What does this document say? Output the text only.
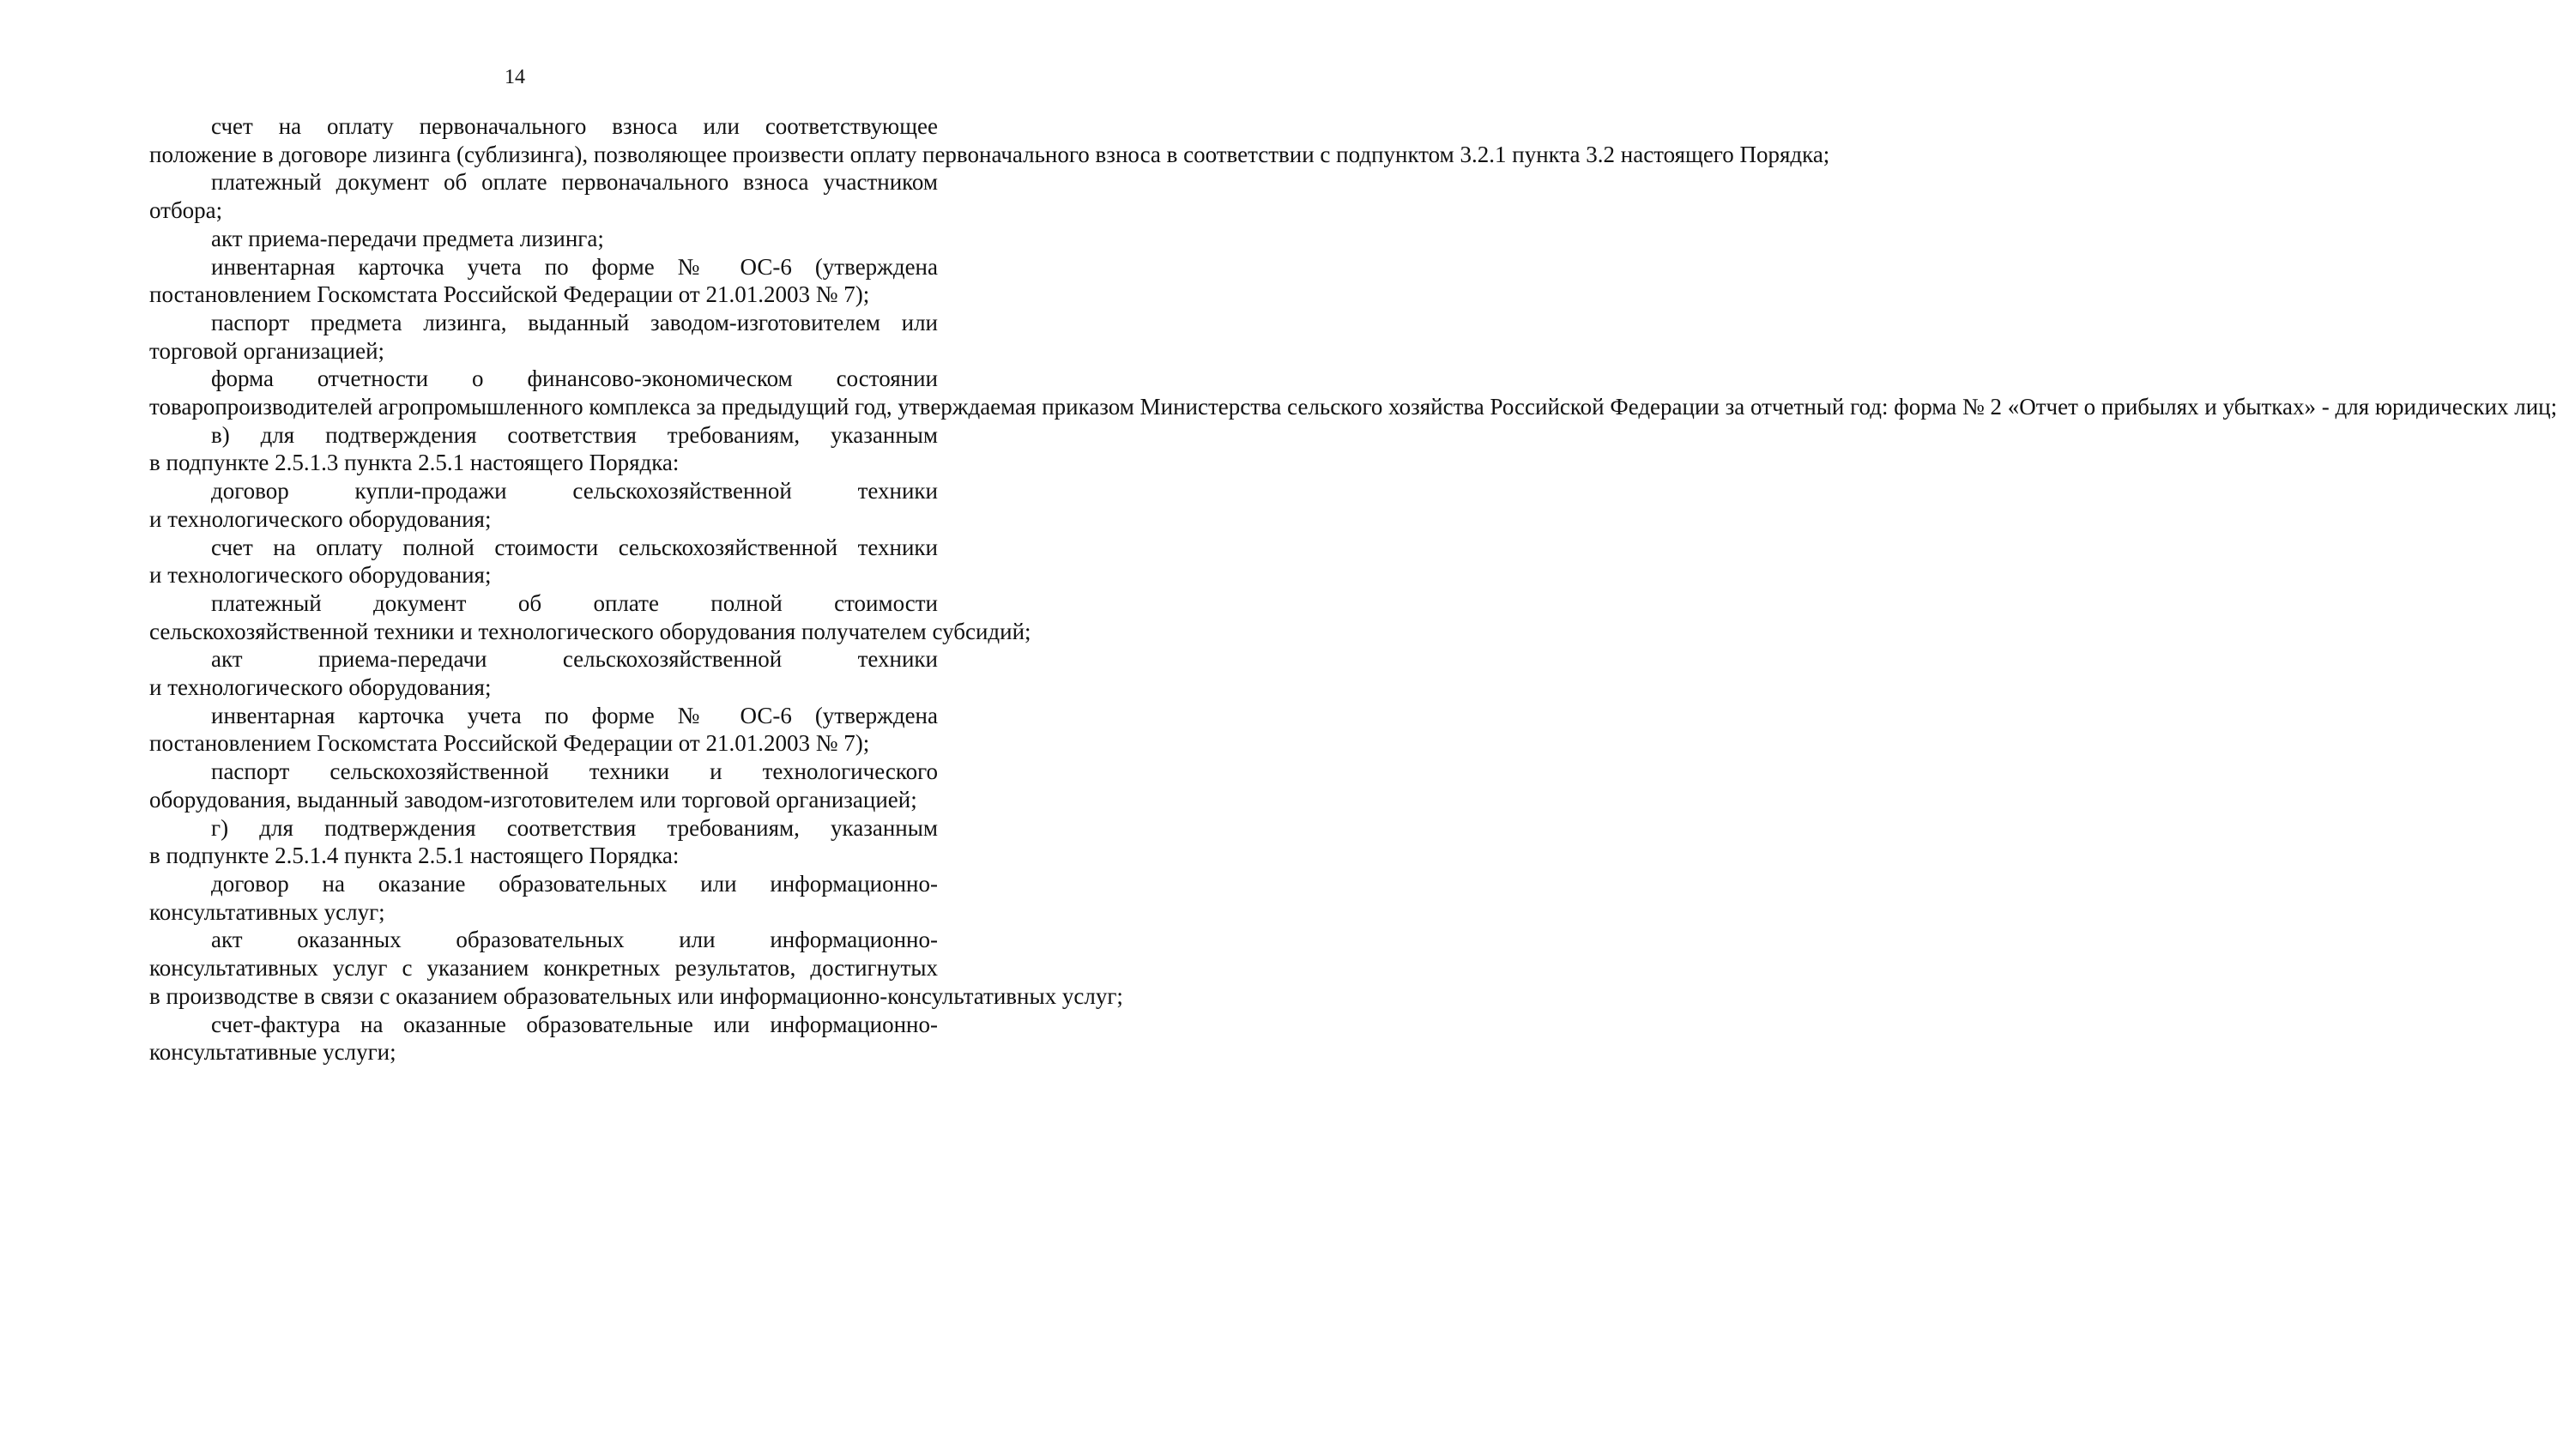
14

счет на оплату первоначального взноса или соответствующее
положение в договоре лизинга (сублизинга), позволяющее произвести оплату первоначального взноса в соответствии с подпунктом 3.2.1 пункта 3.2 настоящего Порядка;

платежный документ об оплате первоначального взноса участником
отбора;

акт приема-передачи предмета лизинга;

инвентарная карточка учета по форме № ОС-6 (утверждена
постановлением Госкомстата Российской Федерации от 21.01.2003 № 7);

паспорт предмета лизинга, выданный заводом-изготовителем или
торговой организацией;

форма отчетности о финансово-экономическом состоянии
товаропроизводителей агропромышленного комплекса за предыдущий год, утверждаемая приказом Министерства сельского хозяйства Российской Федерации за отчетный год: форма № 2 «Отчет о прибылях и убытках» - для юридических лиц;

в) для подтверждения соответствия требованиям, указанным
в подпункте 2.5.1.3 пункта 2.5.1 настоящего Порядка:

договор купли-продажи сельскохозяйственной техники
и технологического оборудования;

счет на оплату полной стоимости сельскохозяйственной техники
и технологического оборудования;

платежный документ об оплате полной стоимости
сельскохозяйственной техники и технологического оборудования получателем субсидий;

акт приема-передачи сельскохозяйственной техники
и технологического оборудования;

инвентарная карточка учета по форме № ОС-6 (утверждена
постановлением Госкомстата Российской Федерации от 21.01.2003 № 7);

паспорт сельскохозяйственной техники и технологического
оборудования, выданный заводом-изготовителем или торговой организацией;

г) для подтверждения соответствия требованиям, указанным
в подпункте 2.5.1.4 пункта 2.5.1 настоящего Порядка:

договор на оказание образовательных или информационно-
консультативных услуг;

акт оказанных образовательных или информационно-
консультативных услуг с указанием конкретных результатов, достигнутых
в производстве в связи с оказанием образовательных или информационно-консультативных услуг;

счет-фактура на оказанные образовательные или информационно-
консультативные услуги;
